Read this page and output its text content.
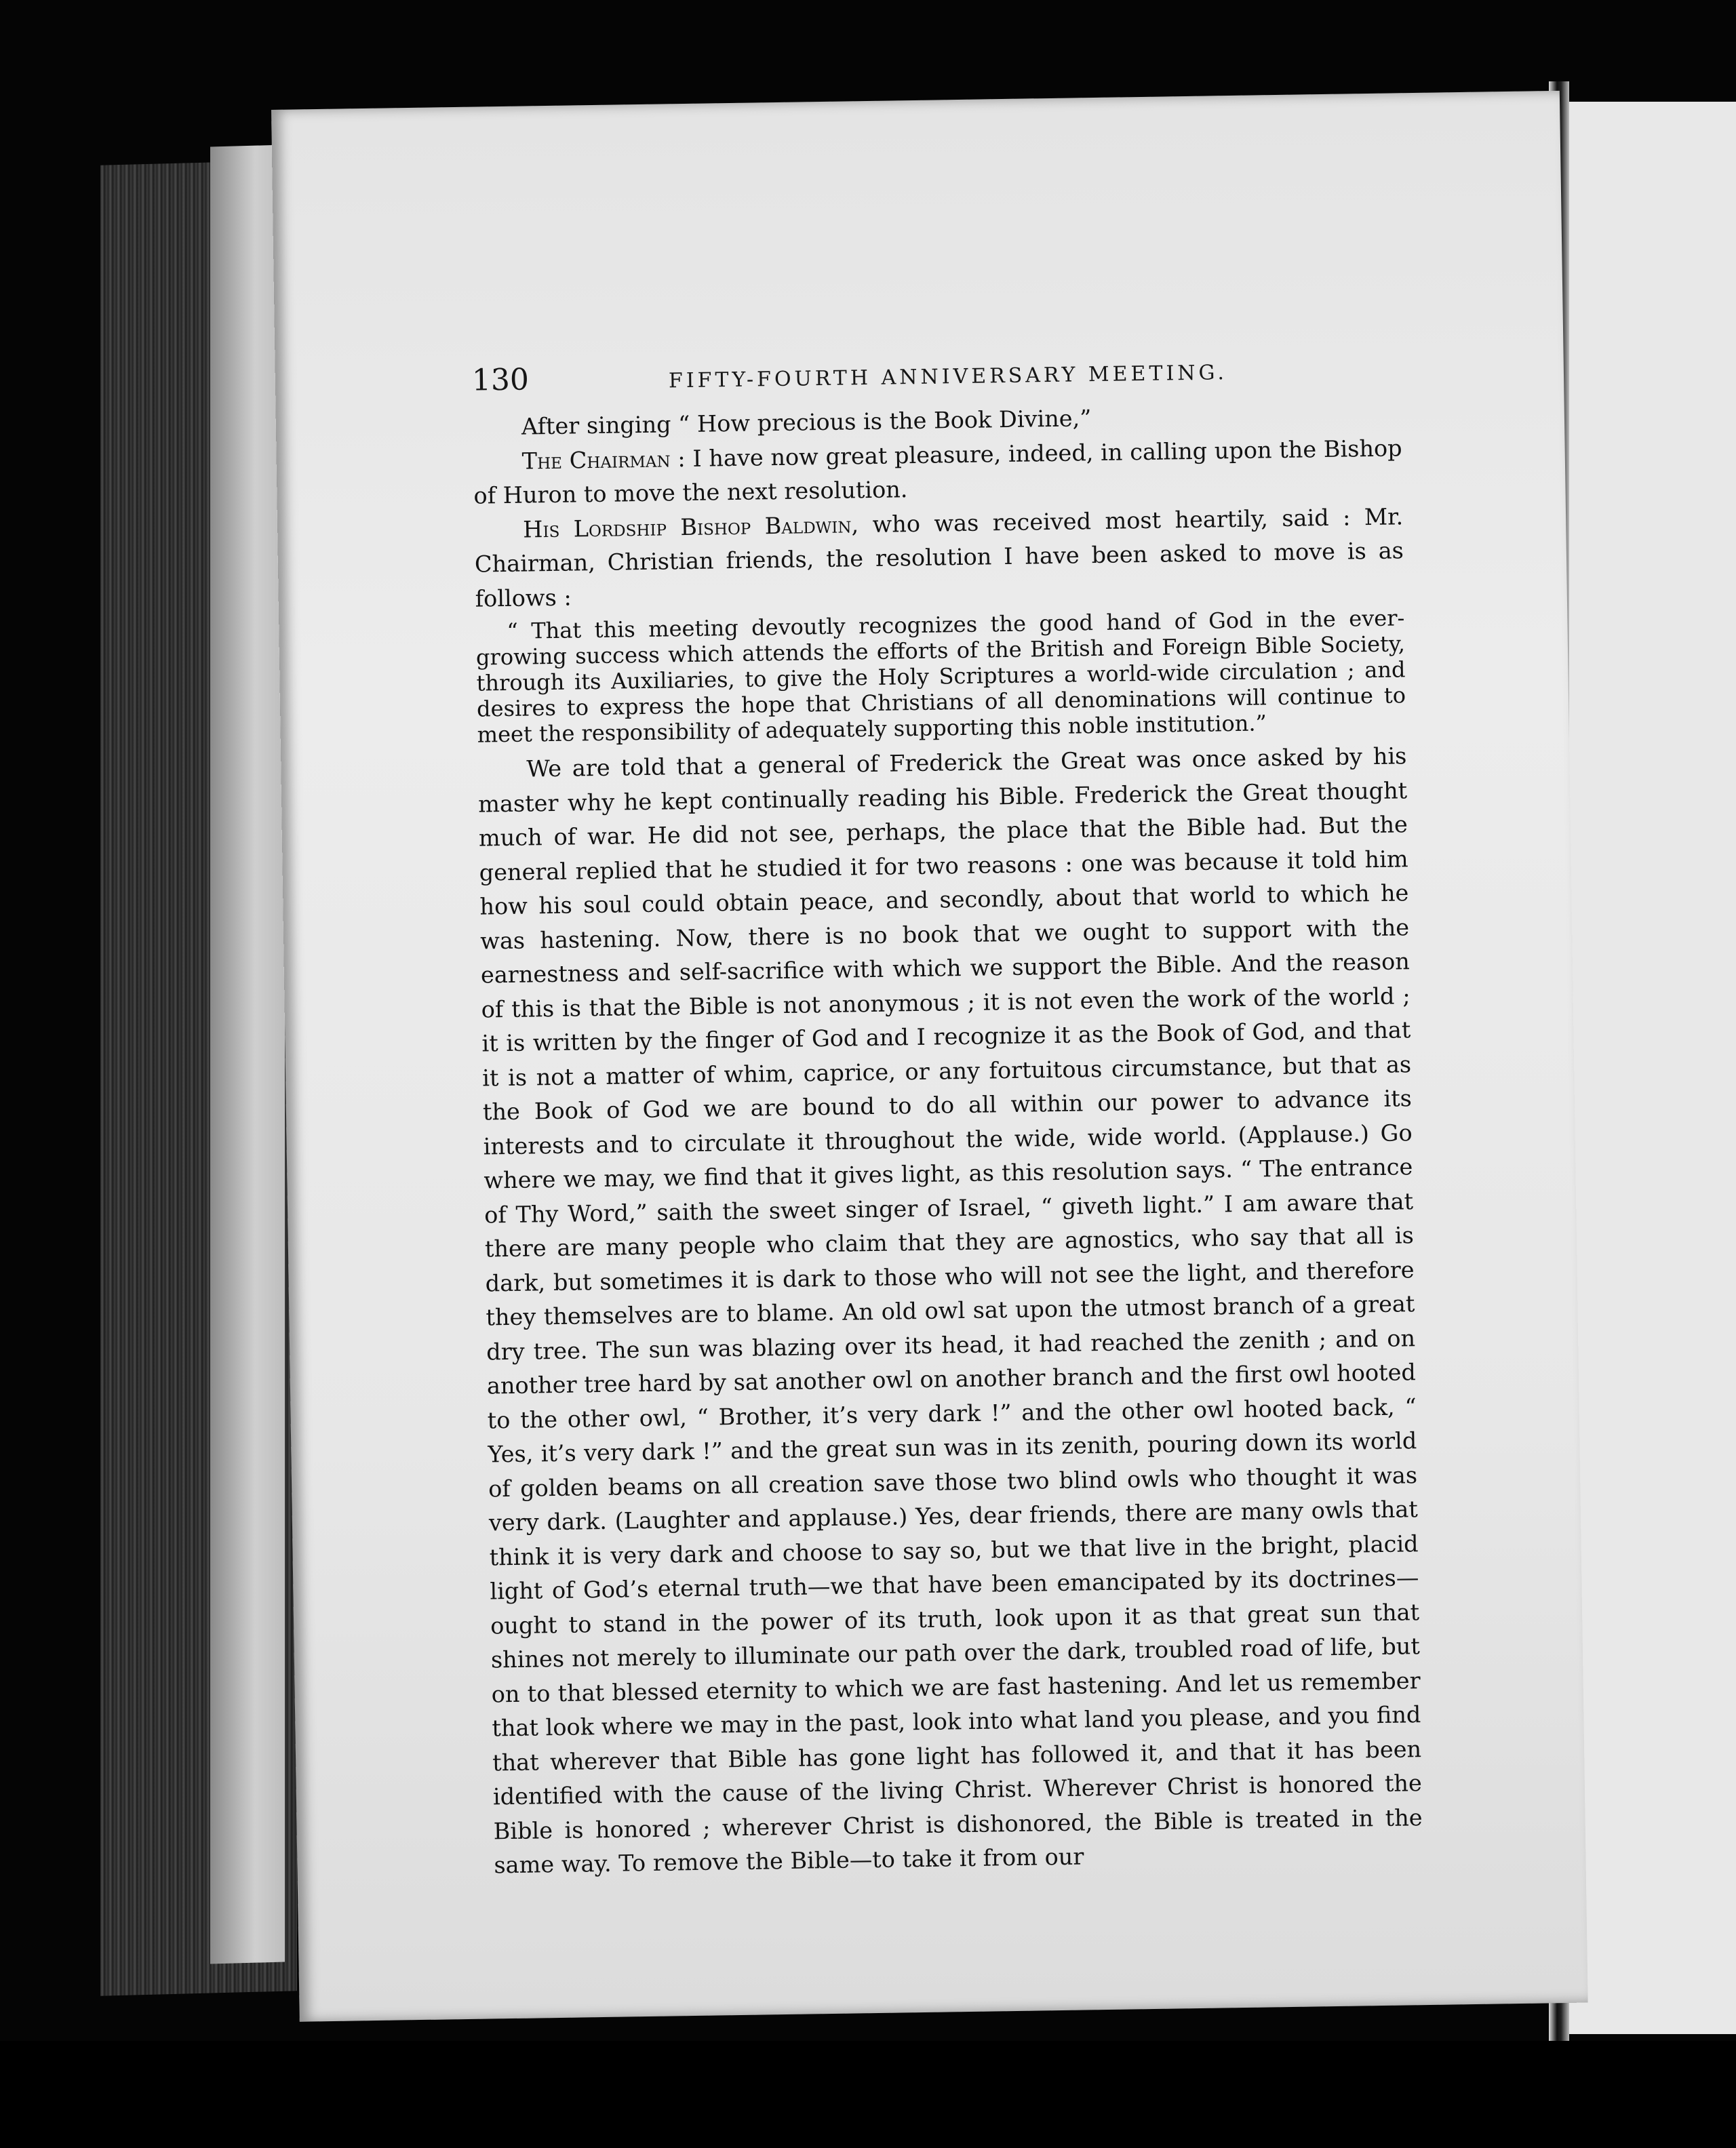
130	FIFTY-FOURTH ANNIVERSARY MEETING.

After singing “ How precious is the Book Divine,”

The Chairman : I have now great pleasure, indeed, in calling upon the Bishop of Huron to move the next resolution.

His Lordship Bishop Baldwin, who was received most heartily, said : Mr. Chairman, Christian friends, the resolution I have been asked to move is as follows :

“ That this meeting devoutly recognizes the good hand of God in the ever-growing success which attends the efforts of the British and Foreign Bible Society, through its Auxiliaries, to give the Holy Scriptures a world-wide circulation ; and desires to express the hope that Christians of all denominations will continue to meet the responsibility of adequately supporting this noble institution.”

We are told that a general of Frederick the Great was once asked by his master why he kept continually reading his Bible. Frederick the Great thought much of war. He did not see, perhaps, the place that the Bible had. But the general replied that he studied it for two reasons : one was because it told him how his soul could obtain peace, and secondly, about that world to which he was hastening. Now, there is no book that we ought to support with the earnestness and self-sacrifice with which we support the Bible. And the reason of this is that the Bible is not anonymous ; it is not even the work of the world ; it is written by the finger of God and I recognize it as the Book of God, and that it is not a matter of whim, caprice, or any fortuitous circumstance, but that as the Book of God we are bound to do all within our power to advance its interests and to circulate it throughout the wide, wide world. (Applause.) Go where we may, we find that it gives light, as this resolution says. “ The entrance of Thy Word,” saith the sweet singer of Israel, “ giveth light.” I am aware that there are many people who claim that they are agnostics, who say that all is dark, but sometimes it is dark to those who will not see the light, and therefore they themselves are to blame. An old owl sat upon the utmost branch of a great dry tree. The sun was blazing over its head, it had reached the zenith ; and on another tree hard by sat another owl on another branch and the first owl hooted to the other owl, “ Brother, it’s very dark !” and the other owl hooted back, “ Yes, it’s very dark !” and the great sun was in its zenith, pouring down its world of golden beams on all creation save those two blind owls who thought it was very dark. (Laughter and applause.) Yes, dear friends, there are many owls that think it is very dark and choose to say so, but we that live in the bright, placid light of God’s eternal truth—we that have been emancipated by its doctrines—ought to stand in the power of its truth, look upon it as that great sun that shines not merely to illuminate our path over the dark, troubled road of life, but on to that blessed eternity to which we are fast hastening. And let us remember that look where we may in the past, look into what land you please, and you find that wherever that Bible has gone light has followed it, and that it has been identified with the cause of the living Christ. Wherever Christ is honored the Bible is honored ; wherever Christ is dishonored, the Bible is treated in the same way. To remove the Bible—to take it from our
